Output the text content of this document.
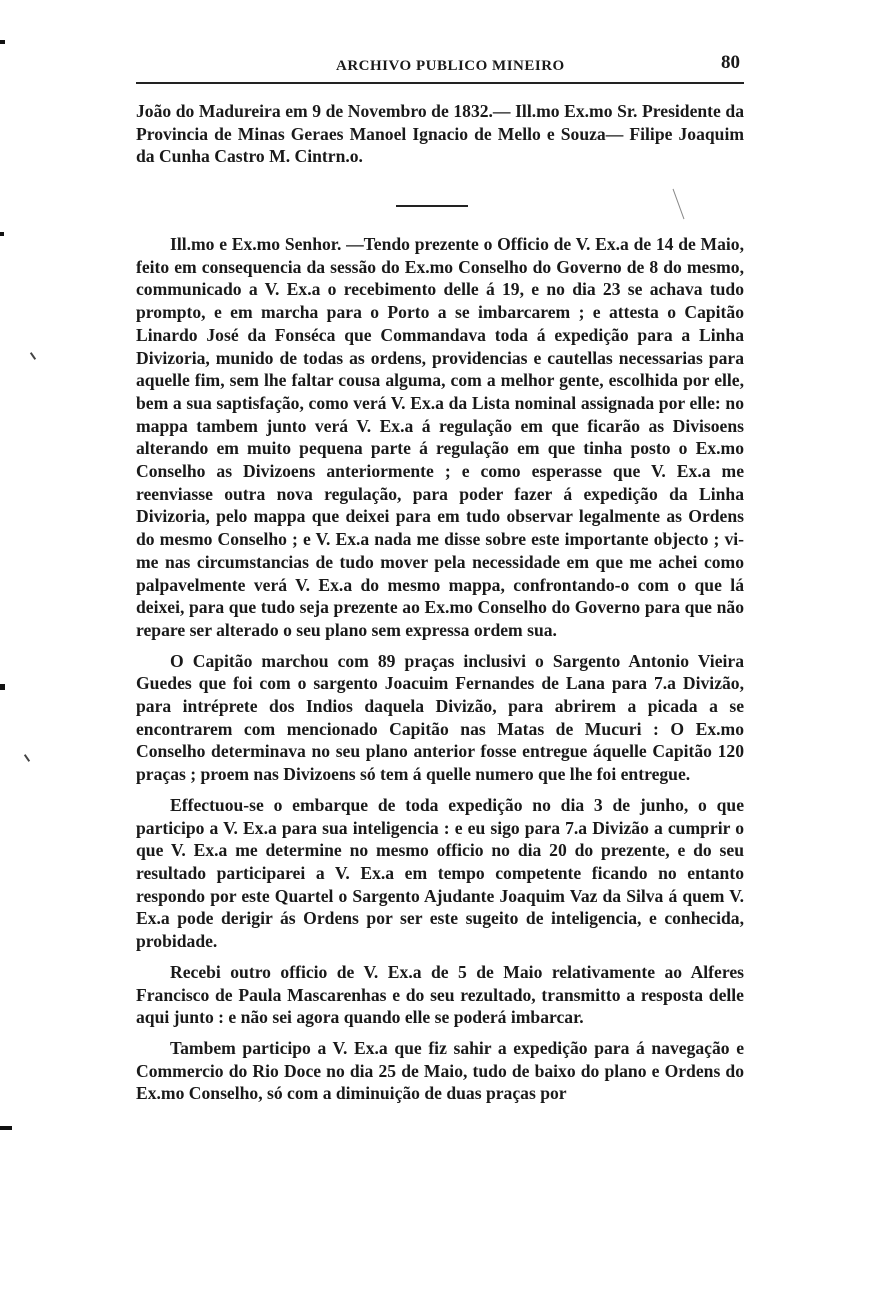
ARCHIVO PUBLICO MINEIRO	80

João do Madureira em 9 de Novembro de 1832.— Ill.mo Ex.mo Sr. Presidente da Provincia de Minas Geraes Manoel Ignacio de Mello e Souza— Filipe Joaquim da Cunha Castro M. Cintrn.o.

Ill.mo e Ex.mo Senhor. —Tendo prezente o Officio de V. Ex.a de 14 de Maio, feito em consequencia da sessão do Ex.mo Conselho do Governo de 8 do mesmo, communicado a V. Ex.a o recebimento delle á 19, e no dia 23 se achava tudo prompto, e em marcha para o Porto a se imbarcarem ; e attesta o Capitão Linardo José da Fonséca que Commandava toda á expedição para a Linha Divizoria, munido de todas as ordens, providencias e cautellas necessarias para aquelle fim, sem lhe faltar cousa alguma, com a melhor gente, escolhida por elle, bem a sua saptisfação, como verá V. Ex.a da Lista nominal assignada por elle: no mappa tambem junto verá V. Ex.a á regulação em que ficarão as Divisoens alterando em muito pequena parte á regulação em que tinha posto o Ex.mo Conselho as Divizoens anteriormente ; e como esperasse que V. Ex.a me reenviasse outra nova regulação, para poder fazer á expedição da Linha Divizoria, pelo mappa que deixei para em tudo observar legalmente as Ordens do mesmo Conselho ; e V. Ex.a nada me disse sobre este importante objecto ; vi-me nas circumstancias de tudo mover pela necessidade em que me achei como palpavelmente verá V. Ex.a do mesmo mappa, confrontando-o com o que lá deixei, para que tudo seja prezente ao Ex.mo Conselho do Governo para que não repare ser alterado o seu plano sem expressa ordem sua.

O Capitão marchou com 89 praças inclusivi o Sargento Antonio Vieira Guedes que foi com o sargento Joacuim Fernandes de Lana para 7.a Divizão, para intréprete dos Indios daquela Divizão, para abrirem a picada a se encontrarem com mencionado Capitão nas Matas de Mucuri : O Ex.mo Conselho determinava no seu plano anterior fosse entregue áquelle Capitão 120 praças ; proem nas Divizoens só tem á quelle numero que lhe foi entregue.

Effectuou-se o embarque de toda expedição no dia 3 de junho, o que participo a V. Ex.a para sua inteligencia : e eu sigo para 7.a Divizão a cumprir o que V. Ex.a me determine no mesmo officio no dia 20 do prezente, e do seu resultado participarei a V. Ex.a em tempo competente ficando no entanto respondo por este Quartel o Sargento Ajudante Joaquim Vaz da Silva á quem V. Ex.a pode derigir ás Ordens por ser este sugeito de inteligencia, e conhecida, probidade.

Recebi outro officio de V. Ex.a de 5 de Maio relativamente ao Alferes Francisco de Paula Mascarenhas e do seu rezultado, transmitto a resposta delle aqui junto : e não sei agora quando elle se poderá imbarcar.

Tambem participo a V. Ex.a que fiz sahir a expedição para á navegação e Commercio do Rio Doce no dia 25 de Maio, tudo de baixo do plano e Ordens do Ex.mo Conselho, só com a diminuição de duas praças por
